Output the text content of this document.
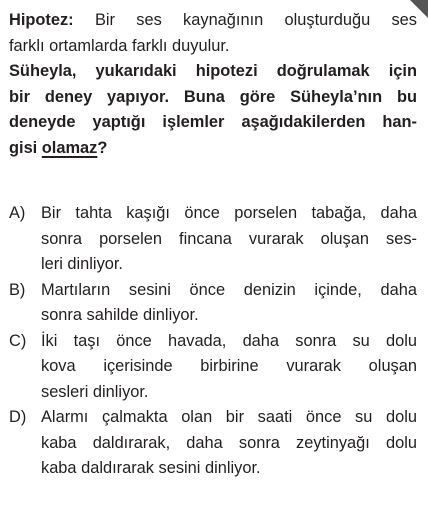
Hipotez: Bir ses kaynağının oluşturduğu ses
farklı ortamlarda farklı duyulur.
Süheyla, yukarıdaki hipotezi doğrulamak için
bir deney yapıyor. Buna göre Süheyla’nın bu
deneyde yaptığı işlemler aşağıdakilerden han-
gisi olamaz?
A) Bir tahta kaşığı önce porselen tabağa, daha
sonra porselen fincana vurarak oluşan ses-
leri dinliyor.
B) Martıların sesini önce denizin içinde, daha
sonra sahilde dinliyor.
C) İki taşı önce havada, daha sonra su dolu
kova içerisinde birbirine vurarak oluşan
sesleri dinliyor.
D) Alarmı çalmakta olan bir saati önce su dolu
kaba daldırarak, daha sonra zeytinyağı dolu
kaba daldırarak sesini dinliyor.
